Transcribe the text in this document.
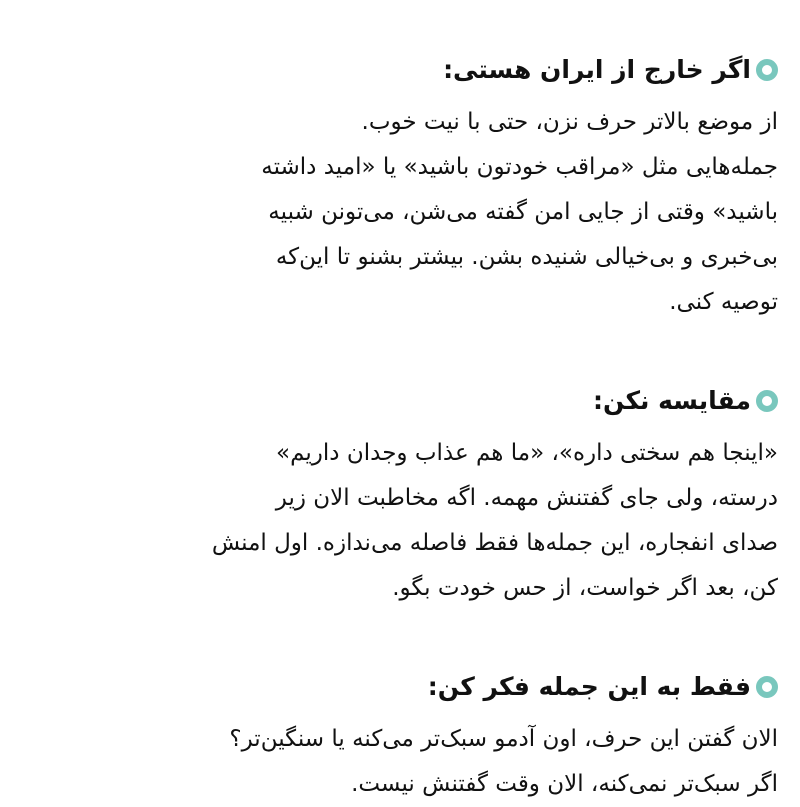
اگر خارج از ایران هستی:

از موضع بالاتر حرف نزن، حتی با نیت خوب.
جمله‌هایی مثل «مراقب خودتون باشید» یا «امید داشته
باشید» وقتی از جایی امن گفته می‌شن، می‌تونن شبیه
بی‌خبری و بی‌خیالی شنیده بشن. بیشتر بشنو تا این‌که
توصیه کنی.

مقایسه نکن:

«اینجا هم سختی داره»، «ما هم عذاب وجدان داریم»
درسته، ولی جای گفتنش مهمه. اگه مخاطبت الان زیر
صدای انفجاره، این جمله‌ها فقط فاصله می‌ندازه. اول امنش
کن، بعد اگر خواست، از حس خودت بگو.

فقط به این جمله فکر کن:

الان گفتن این حرف، اون آدمو سبک‌تر می‌کنه یا سنگین‌تر؟
اگر سبک‌تر نمی‌کنه، الان وقت گفتنش نیست.
